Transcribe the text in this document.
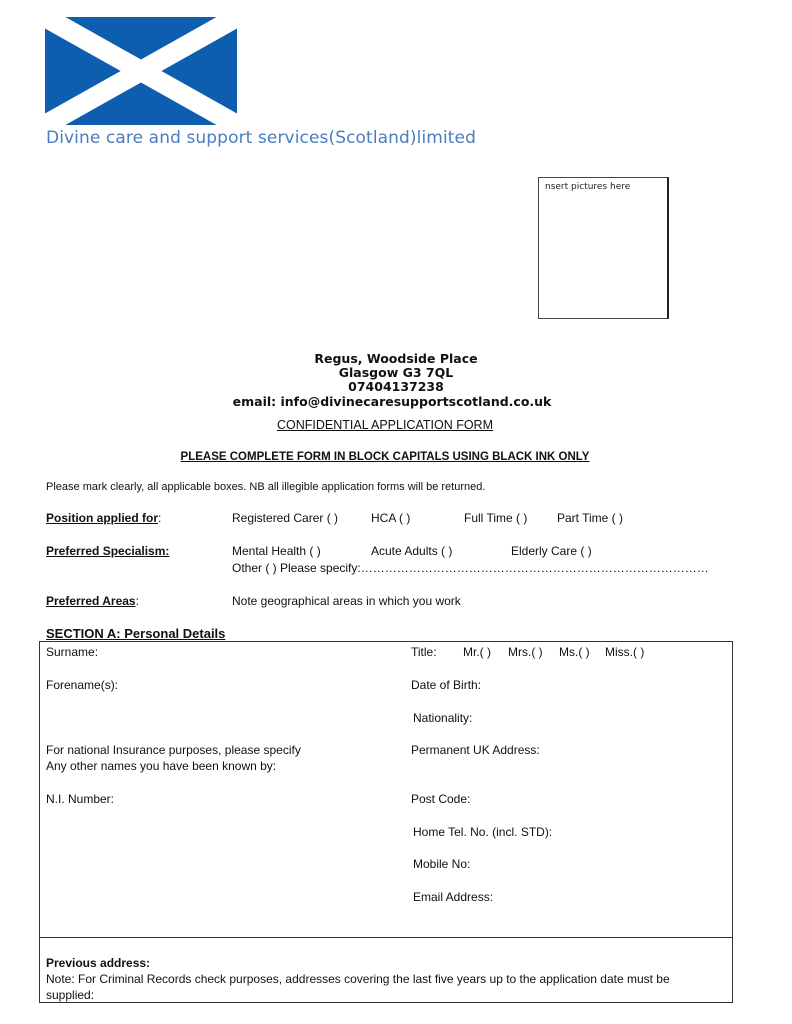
Divine care and support services(Scotland)limited
nsert pictures here
Regus, Woodside Place
Glasgow G3 7QL
07404137238
email: info@divinecaresupportscotland.co.uk
CONFIDENTIAL APPLICATION FORM
PLEASE COMPLETE FORM IN BLOCK CAPITALS USING BLACK INK ONLY
Please mark clearly, all applicable boxes. NB all illegible application forms will be returned.
Position applied for:	Registered Carer ( )	HCA ( )	Full Time ( ) Part Time ( )
Preferred Specialism:	Mental Health ( )	Acute Adults ( )	Elderly Care ( )
Other ( ) Please specify:……………………………………………………………………………
Preferred Areas:	Note geographical areas in which you work
SECTION A: Personal Details
Surname:
Forename(s):
For national Insurance purposes, please specify
Any other names you have been known by:
N.I. Number:
Title: Mr.( ) Mrs.( ) Ms.( ) Miss.( )
Date of Birth:
Nationality:
Permanent UK Address:
Post Code:
Home Tel. No. (incl. STD):
Mobile No:
Email Address:
Previous address:
Note: For Criminal Records check purposes, addresses covering the last five years up to the application date must be
supplied:
